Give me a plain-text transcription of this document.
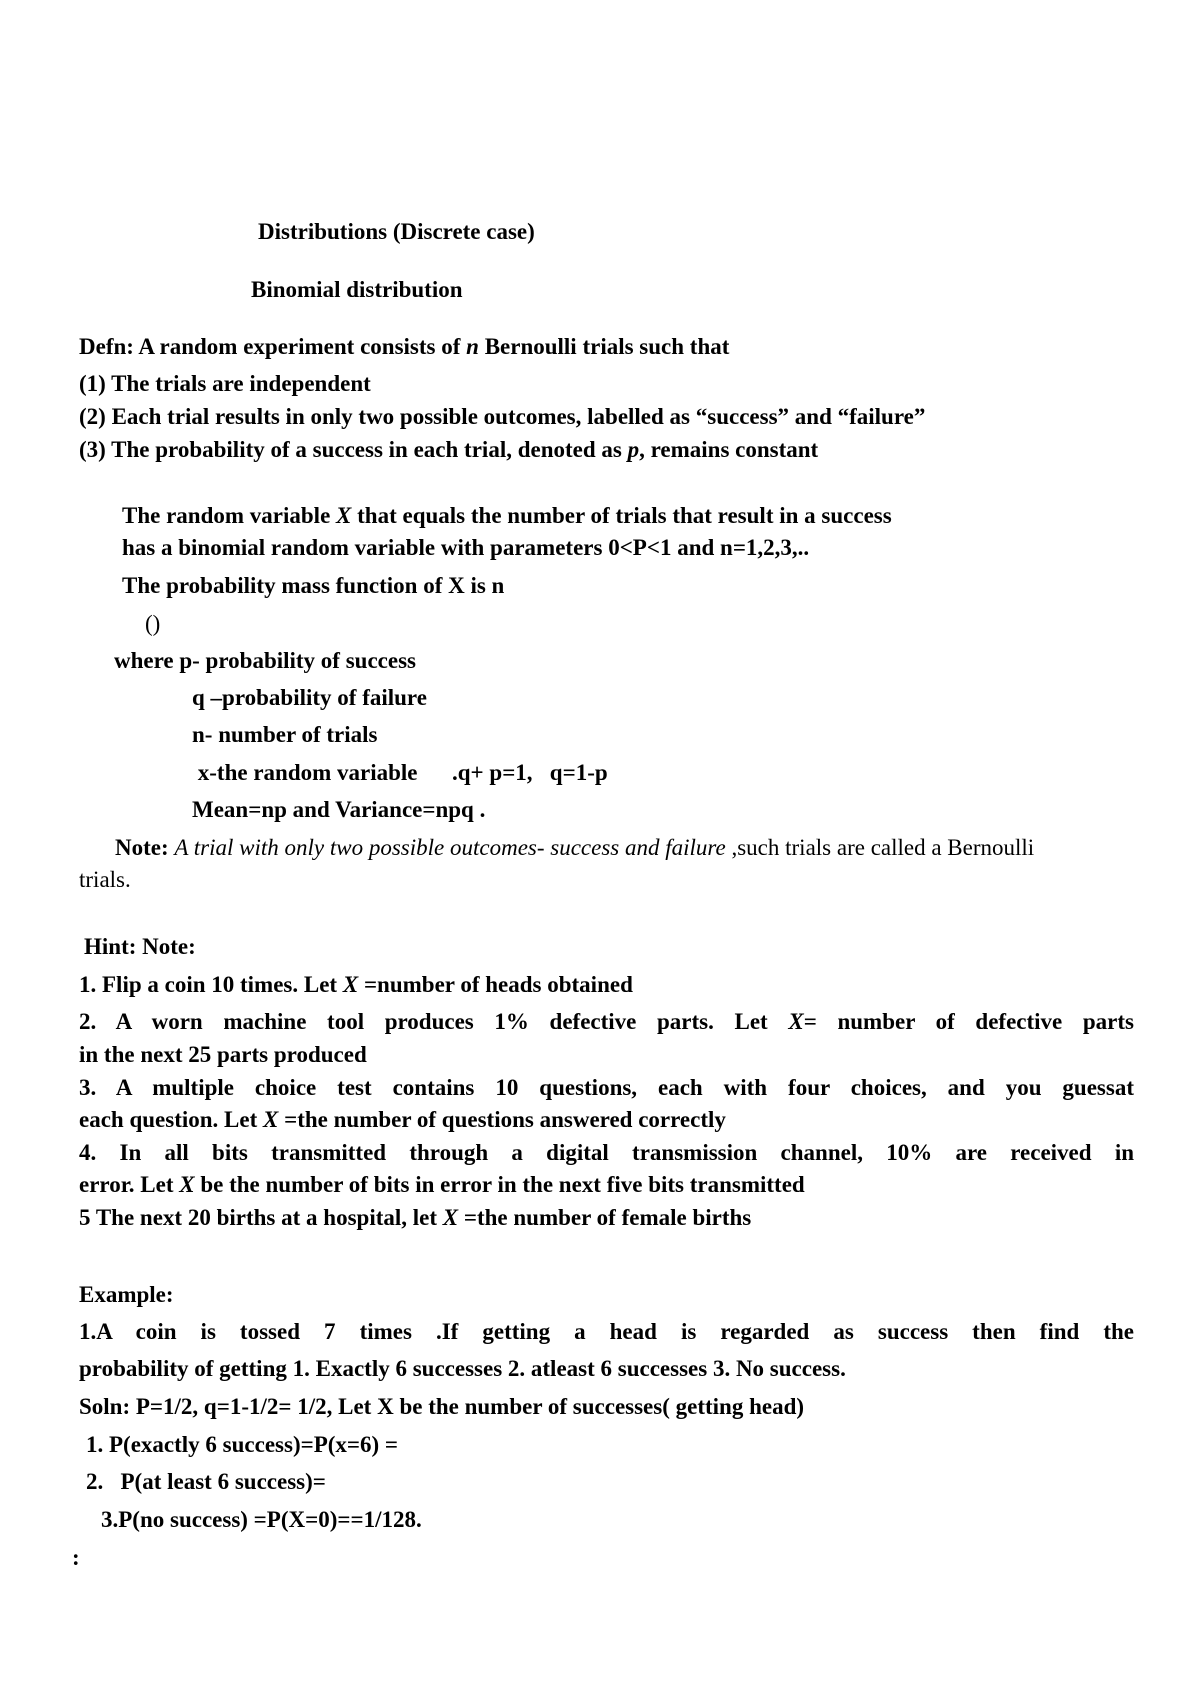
Distributions (Discrete case)
Binomial distribution
Defn: A random experiment consists of n Bernoulli trials such that
(1) The trials are independent
(2) Each trial results in only two possible outcomes, labelled as “success” and “failure”
(3) The probability of a success in each trial, denoted as p, remains constant
The random variable X that equals the number of trials that result in a success
has a binomial random variable with parameters 0<P<1 and n=1,2,3,..
The probability mass function of X is n
()
where p- probability of success
q –probability of failure
n- number of trials
x-the random variable      .q+ p=1,   q=1-p
Mean=np and Variance=npq .
Note: A trial with only two possible outcomes- success and failure ,such trials are called a Bernoulli
trials.
Hint: Note:
1. Flip a coin 10 times. Let X =number of heads obtained
2. A worn machine tool produces 1% defective parts. Let X= number of defective parts
in the next 25 parts produced
3. A multiple choice test contains 10 questions, each with four choices, and you guessat
each question. Let X =the number of questions answered correctly
4. In all bits transmitted through a digital transmission channel, 10% are received in
error. Let X be the number of bits in error in the next five bits transmitted
5 The next 20 births at a hospital, let X =the number of female births
Example:
1.A coin is tossed 7 times .If getting a head is regarded as success then find the
probability of getting 1. Exactly 6 successes 2. atleast 6 successes 3. No success.
Soln: P=1/2, q=1-1/2= 1/2, Let X be the number of successes( getting head)
1. P(exactly 6 success)=P(x=6) =
2.   P(at least 6 success)=
3.P(no success) =P(X=0)==1/128.
:
